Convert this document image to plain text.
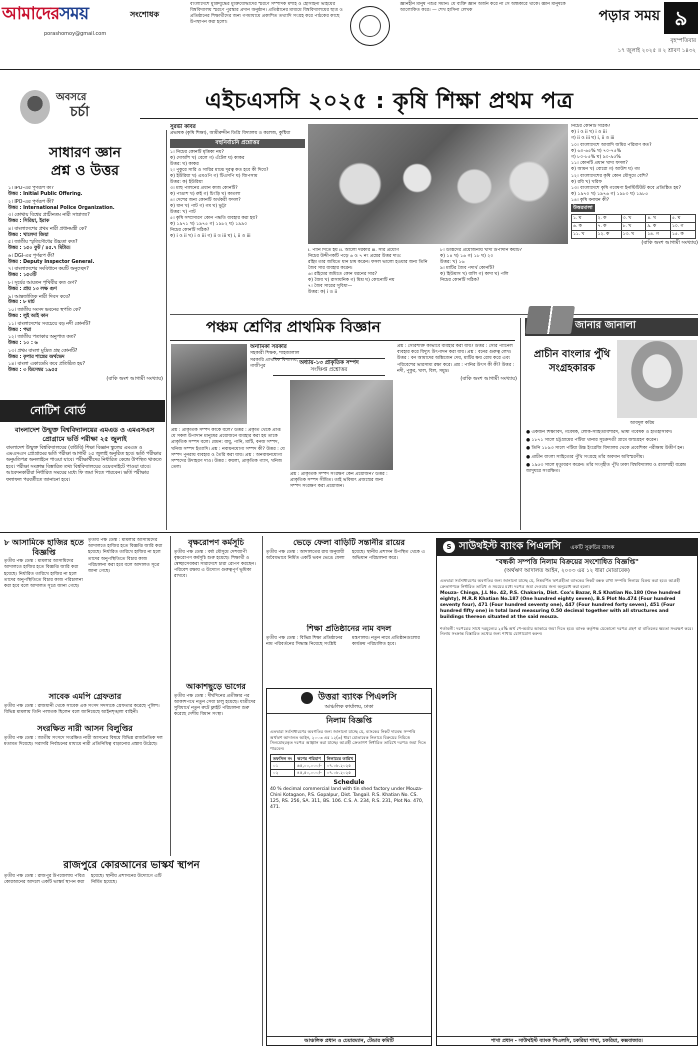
আমাদেরসময়
porashomoy@gmail.com
সংশোধক
বাংলাদেশে মুক্তিযুদ্ধের মুক্তিযোদ্ধাদের স্মরণে সম্পাদক মশাই ও হোসাইনী ভাইয়ের বিশ্ববিদ্যালয় স্মরণে পুরস্কার প্রদান অনুষ্ঠান। প্রতিষ্ঠানের মাধ্যমে বিশ্ববিদ্যালয়ের ছাত্র ও প্রতিষ্ঠানের শিক্ষার্থীদের জন্য গণমাধ্যমে প্রকাশিত তথ্যাদি সংগ্রহ করে পাঠকের কাছে উপস্থাপন করা হলো।
জ্ঞানহীন মানুষ পশুর সমান। যে ব্যক্তি জ্ঞান অর্জন করে না সে অন্ধকারে থাকে। জ্ঞান মানুষকে আলোকিত করে। — শেখ হাসিনা লেখক	পড়ার সময় ৯
বৃহস্পতিবার
১৭ জুলাই ২০২৫ ॥ ২ শ্রাবণ ১৪৩২
অবসরে
চর্চা	এইচএসসি ২০২৫ : কৃষি শিক্ষা প্রথম পত্র
সাধারণ জ্ঞান
প্রশ্ন ও উত্তর
১। IPO-এর পূর্ণরূপ কী?
উত্তর : Initial Public Offering.
২। IPO-এর পূর্ণরূপ কী?
উত্তর : International Police Organization.
৩। কোথায় বিশ্বের প্রাচীনতম নারী সাম্রাজ্য?
উত্তর : সিরিয়া, ইরাক
৪। বাংলাদেশের প্রথম নারী প্রধানমন্ত্রী কে?
উত্তর : খালেদা জিয়া
৫। জাতীয় স্মৃতিসৌধের উচ্চতা কত?
উত্তর : ১৫০ ফুট / ৪৫.৭ মিটার।
৬। DGI-এর পূর্ণরূপ কী?
উত্তর : Deputy Inspector General.
৭। বাংলাদেশের সংবিধানে কয়টি অনুচ্ছেদ?
উত্তর : ১৫৩টি
৮। সূর্যের আয়তন পৃথিবীর কত গুণ?
উত্তর : প্রায় ১৩ লক্ষ গুণ
৯। আন্তর্জাতিক নারী দিবস কবে?
উত্তর : ৮ মার্চ
১০। জাতীয় সংসদ ভবনের স্থপতি কে?
উত্তর : লুই আই কান
১১। বাংলাদেশের সবচেয়ে বড় নদী কোনটি?
উত্তর : পদ্মা
১২। জাতীয় পতাকার অনুপাত কত?
উত্তর : ১০ : ৬
১৩। প্রথম বাংলা মুদ্রিত গ্রন্থ কোনটি?
উত্তর : কৃপার শাস্ত্রের অর্থভেদ
১৪। বাংলা একাডেমি কবে প্রতিষ্ঠিত হয়?
উত্তর : ৩ ডিসেম্বর ১৯৫৫
(বাকি অংশ আগামী সংখ্যায়)
নোটিশ বোর্ড
বাংলাদেশ উন্মুক্ত বিশ্ববিদ্যালয়ের এমএড ও এমএসএস প্রোগ্রামে ভর্তি পরীক্ষা ২৫ জুলাই
বাংলাদেশ উন্মুক্ত বিশ্ববিদ্যালয়ের (বাউবি) শিক্ষা বিজ্ঞান স্কুলের এমএড ও এমএসএস প্রোগ্রামের ভর্তি পরীক্ষা আগামী ২৫ জুলাই অনুষ্ঠিত হবে। ভর্তি পরীক্ষার অনুমতিপত্র অনলাইনে পাওয়া যাবে। পরীক্ষার্থীদের নির্ধারিত কেন্দ্রে উপস্থিত থাকতে হবে। পরীক্ষা সংক্রান্ত বিস্তারিত তথ্য বিশ্ববিদ্যালয়ের ওয়েবসাইটে পাওয়া যাবে। আবেদনকারীরা নির্ধারিত সময়ের মধ্যে ফি জমা দিতে পারবেন। ভর্তি পরীক্ষার ফলাফল পরবর্তীতে জানানো হবে।
সুরভী কবির
প্রভাষক (কৃষি শিক্ষা), আমীরুদ্দীন ডিগ্রি বিদ্যালয় ও কলেজ, কুষ্টিয়া
বহুনির্বাচনি প্রশ্নোত্তর
১। নিচের কোনটি মৃত্তিকা নয়?
ক) দোআঁশ খ) বেলে গ) এঁটেল ঘ) কাকর
উত্তর: ঘ) কাকর
২। পুকুরে সারি ও সারির মাঝে দূরত্ব কত হবে কী দিয়ে?
ক) ইউরিয়া খ) এমওপি গ) টিএসপি ঘ) জিপসাম
উত্তর: ক) ইউরিয়া
৩। মাছ পালনের প্রধান কাজ কোনটি?
ক) পাঙাশ খ) রুই গ) চিংড়ি ঘ) কাতলা
৪। দেশের জন্য কোনটি অর্থকরী ফসল?
ক) ধান খ) পাট গ) গম ঘ) ভুট্টা
উত্তর: খ) পাট
৫। কৃষি সম্প্রসারণ কোন পদ্ধতি ব্যবহার করা হয়?
ক) ১৯৭১ খ) ১৯৭৫ গ) ১৯৮২ ঘ) ১৯৯০
নিচের কোনটি সঠিক?
ক) i ও ii খ) i ও iii গ) ii ও iii ঘ) i, ii ও iii
i. পানি দিতে হয় ii. আলো দরকার iii. সার প্রয়োগ
নিচের উদ্দীপকটি পড়ে ৬ ও ৭ নং প্রশ্নের উত্তর দাও:
রহিম তার জমিতে ধান চাষ করেন। ফসল ভালো হওয়ার জন্য তিনি জৈব সার ব্যবহার করেন।
৬। রহিমের জমিতে কোন ধরনের সার?
ক) জৈব খ) রাসায়নিক গ) মিশ্র ঘ) কোনোটি নয়
৭। জৈব সারের সুবিধা—
উত্তর: ক) i ও ii
৮। উদ্ভিদের প্রয়োজনীয় খাদ্য উপাদান কয়টি?
ক) ১৪ খ) ১৬ গ) ১৮ ঘ) ২০
উত্তর: খ) ১৬
৯। মাটির জৈব পদার্থ কোনটি?
ক) হিউমাস খ) বালি গ) কাদা ঘ) পলি
নিচের কোনটি সঠিক?
নিচের কোনটি সঠিক?
ক) i ও ii খ) i ও iii
গ) ii ও iii ঘ) i, ii ও iii
১০। বাংলাদেশে আবাদি জমির পরিমাণ কত?
ক) ৬০-৬৫% খ) ৭০-৭৫%
গ) ৮০-৮৫% ঘ) ৯০-৯৫%
১১। কোনটি প্রধান খাদ্য ফসল?
ক) আমন খ) বোরো গ) আউশ ঘ) গম
১২। বাংলাদেশের কৃষি কোন মৌসুমে বেশি?
ক) রবি খ) খরিফ
১৩। বাংলাদেশে কৃষি গবেষণা ইনস্টিটিউট কবে প্রতিষ্ঠিত হয়?
ক) ১৯৭০ খ) ১৯৭৬ গ) ১৯৮০ ঘ) ১৯৮৫
১৪। কৃষি বনায়ন কী?
উত্তরমালা
১. ঘ	২. ক	৩. খ	৪. খ	৫. ঘ
৬. ক	৭. ক	৮. খ	৯. ক	১০. গ
১১. খ	১২. ক	১৩. খ	১৪. গ	১৫. ক
(বাকি অংশ আগামী সংখ্যায়)
পঞ্চম শ্রেণির প্রাথমিক বিজ্ঞান
অনামিকা সরকার
সহকারী শিক্ষক, শাহজালাল সরকারি প্রাথমিক বিদ্যালয়, গাজীপুর
অধ্যায়-১৩ প্রাকৃতিক সম্পদ
সংক্ষিপ্ত প্রশ্নোত্তর
প্রশ্ন : প্রাকৃতিক সম্পদ কাকে বলে? উত্তর : প্রকৃতি থেকে প্রাপ্ত যে সকল উপাদান মানুষের প্রয়োজনে ব্যবহার করা হয় তাকে প্রাকৃতিক সম্পদ বলে। যেমন: বায়ু, পানি, মাটি, বনজ সম্পদ, খনিজ সম্পদ ইত্যাদি। প্রশ্ন : নবায়নযোগ্য সম্পদ কী? উত্তর : যে সম্পদ পুনরায় ব্যবহার ও তৈরি করা যায়। প্রশ্ন : অনবায়নযোগ্য সম্পদের উদাহরণ দাও। উত্তর : কয়লা, প্রাকৃতিক গ্যাস, খনিজ তেল।
প্রশ্ন : প্রাকৃতিক সম্পদ সংরক্ষণ কেন প্রয়োজন? উত্তর : প্রাকৃতিক সম্পদ সীমিত। তাই ভবিষ্যৎ প্রজন্মের জন্য সম্পদ সংরক্ষণ করা প্রয়োজন।
প্রশ্ন : সৌরশক্তি কীভাবে ব্যবহার করা যায়? উত্তর : সৌর প্যানেল ব্যবহার করে বিদ্যুৎ উৎপাদন করা যায়। প্রশ্ন : বনের গুরুত্ব লেখ। উত্তর : বন আমাদের অক্সিজেন দেয়, মাটির ক্ষয় রোধ করে এবং পরিবেশের ভারসাম্য রক্ষা করে। প্রশ্ন : পানির উৎস কী কী? উত্তর : নদী, পুকুর, খাল, বিল, সমুদ্র।
(বাকি অংশ আগামী সংখ্যায়)
জানার জানালা
প্রাচীন বাংলার পুঁথি সংগ্রহকারক
আবদুল করিম
● একজন শিক্ষাবিদ, গবেষক, লোক-সাহিত্যবিশারদ, ভাষা গবেষক ও ইতিহাসবিদ।
● ১৮৭১ সালে চট্টগ্রামের পটিয়া থানার সুচক্রদণ্ডী গ্রামে জন্মগ্রহণ করেন।
● তিনি ১৮৯৩ সালে পটিয়া উচ্চ ইংরেজি বিদ্যালয় থেকে প্রবেশিকা পরীক্ষায় উত্তীর্ণ হন।
● প্রাচীন বাংলা সাহিত্যের পুঁথি সংগ্রহে তাঁর অবদান অবিস্মরণীয়।
● ১৯৫৩ সালে মৃত্যুবরণ করেন। তাঁর সংগৃহীত পুঁথি ঢাকা বিশ্ববিদ্যালয় ও রাজশাহী বরেন্দ্র জাদুঘরে সংরক্ষিত।
৮ আসামিকে হাজির হতে বিজ্ঞপ্তি
তৃতীয় পক্ষ ডেস্ক : মামলার আসামিদের আদালতে হাজির হতে বিজ্ঞপ্তি জারি করা হয়েছে। নির্ধারিত তারিখে হাজির না হলে তাদের অনুপস্থিতিতে বিচার কাজ পরিচালনা করা হবে বলে আদালত সূত্রে জানা গেছে।
তৃতীয় পক্ষ ডেস্ক : মামলার আসামিদের আদালতে হাজির হতে বিজ্ঞপ্তি জারি করা হয়েছে। নির্ধারিত তারিখে হাজির না হলে তাদের অনুপস্থিতিতে বিচার কাজ পরিচালনা করা হবে বলে আদালত সূত্রে জানা গেছে।
সাবেক এমপি গ্রেফতার
তৃতীয় পক্ষ ডেস্ক : রাজধানী থেকে সাবেক এক সংসদ সদস্যকে গ্রেফতার করেছে পুলিশ। বিভিন্ন মামলায় তিনি পলাতক ছিলেন বলে জানিয়েছে আইনশৃঙ্খলা বাহিনী।
সংরক্ষিত নারী আসন বিলুপ্তির
তৃতীয় পক্ষ ডেস্ক : জাতীয় সংসদে সংরক্ষিত নারী আসনের বিষয়ে বিভিন্ন রাজনৈতিক দল মতামত দিয়েছে। সরাসরি নির্বাচনের মাধ্যমে নারী প্রতিনিধিত্ব বাড়ানোর প্রস্তাব উঠেছে।
রাজপুরে কোরআনের ভাস্কর্য স্থাপন
তৃতীয় পক্ষ ডেস্ক : রাজপুর উপজেলায় পবিত্র কোরআনের আদলে একটি ভাস্কর্য স্থাপন করা হয়েছে। স্থানীয় প্রশাসনের উদ্যোগে এটি নির্মিত হয়েছে।
বৃক্ষরোপণ কর্মসূচি
তৃতীয় পক্ষ ডেস্ক : বর্ষা মৌসুমে দেশব্যাপী বৃক্ষরোপণ কর্মসূচি শুরু হয়েছে। শিক্ষার্থী ও স্বেচ্ছাসেবকরা সারাদেশে চারা রোপণ করছেন। পরিবেশ রক্ষায় এ উদ্যোগ গুরুত্বপূর্ণ ভূমিকা রাখবে।
আকাশছুড়ে ভাগের
তৃতীয় পক্ষ ডেস্ক : দীর্ঘদিনের প্রতীক্ষার পর আকাশপথে নতুন সেবা চালু হয়েছে। যাত্রীদের সুবিধার্থে নতুন রুটে ফ্লাইট পরিচালনা শুরু করেছে দেশীয় বিমান সংস্থা।
ভেড়ে ফেলা বাড়িটি সন্তানীর রায়ের
তৃতীয় পক্ষ ডেস্ক : আদালতের রায় অনুযায়ী অবৈধভাবে নির্মিত একটি ভবন ভেঙে ফেলা হয়েছে। স্থানীয় প্রশাসন উপস্থিত থেকে এ অভিযান পরিচালনা করে।
শিক্ষা প্রতিষ্ঠানের নাম বদল
তৃতীয় পক্ষ ডেস্ক : বিভিন্ন শিক্ষা প্রতিষ্ঠানের নাম পরিবর্তনের সিদ্ধান্ত নিয়েছে সংশ্লিষ্ট মন্ত্রণালয়। নতুন নামে প্রতিষ্ঠানগুলোর কার্যক্রম পরিচালিত হবে।
উত্তরা ব্যাংক পিএলসি
আঞ্চলিক কার্যালয়, ঢাকা
নিলাম বিজ্ঞপ্তি
এতদ্বারা সর্বসাধারণের অবগতির জন্য জানানো যাচ্ছে যে, ব্যাংকের নিকট দায়বদ্ধ সম্পত্তি অর্থঋণ আদালত আইন, ২০০৩ এর ১২(৩) ধারা মোতাবেক নিলামে বিক্রয়ের নিমিত্তে সিলমোহরকৃত দরপত্র আহ্বান করা যাচ্ছে। আগ্রহী ক্রেতাগণ নির্ধারিত তারিখে দরপত্র জমা দিতে পারবেন।
তফসিল নং	ঋণের পরিমাণ	নিলামের তারিখ
০১	৬৫,০০,০০০/-	০৭.০৮.২০২৫
০২	৪৫,৫০,০০০/-	০৭.০৮.২০২৫
Schedule
40 % decimal commercial land with tin shed factory under Mouza- Chini Kotagaon, P.S. Gopalpur, Dist. Tangail. R.S. Khatian No. CS. 125, RS. 256, SA. 311, BS. 106. C.S. A. 234, R.S. 231, Plot No. 470, 471.
আঞ্চলিক প্রধান ও চেয়ারম্যান, টেন্ডার কমিটি
S সাউথইস্ট ব্যাংক পিএলসি একটি সুরুচির ব্যাংক
"বন্ধকী সম্পত্তি নিলাম বিক্রয়ের সংশোধিত বিজ্ঞপ্তি"
(অর্থঋণ আদালত আইন, ২০০৩ এর ১২ ধারা মোতাবেক)
এতদ্বারা সর্বসাধারণের অবগতির জন্য জানানো যাচ্ছে যে, নিম্নবর্ণিত ঋণগ্রহীতা ব্যাংকের নিকট বন্ধক রাখা সম্পত্তি নিলামে বিক্রয় করা হবে। আগ্রহী ক্রেতাগণকে নির্ধারিত তারিখ ও সময়ের মধ্যে দরপত্র জমা দেওয়ার জন্য অনুরোধ করা হলো।
Mouza- Chinga, J.L No. 42, P.S. Chakaria, Dist. Cox's Bazar, R.S Khatian No.180 (One hundred eighty), M.R.R Khatian No.187 (One hundred eighty seven), B.S Plot No.474 (Four hundred seventy four), 471 (Four hundred seventy one), 447 (Four hundred forty seven), 451 (Four hundred fifty one) in total land measuring 0.50 decimal together with all structures and buildings thereon situated at the said mouza.
শর্তাবলী: দরপত্রের সাথে দরমূল্যের ২৫% অর্থ পে-অর্ডার আকারে জমা দিতে হবে। ব্যাংক কর্তৃপক্ষ যেকোনো দরপত্র গ্রহণ বা বাতিলের ক্ষমতা সংরক্ষণ করে। নিলাম সংক্রান্ত বিস্তারিত তথ্যের জন্য শাখায় যোগাযোগ করুন।
শাখা প্রধান - সাউথইস্ট ব্যাংক পিএলসি, চকরিয়া শাখা, চকরিয়া, কক্সবাজার।
